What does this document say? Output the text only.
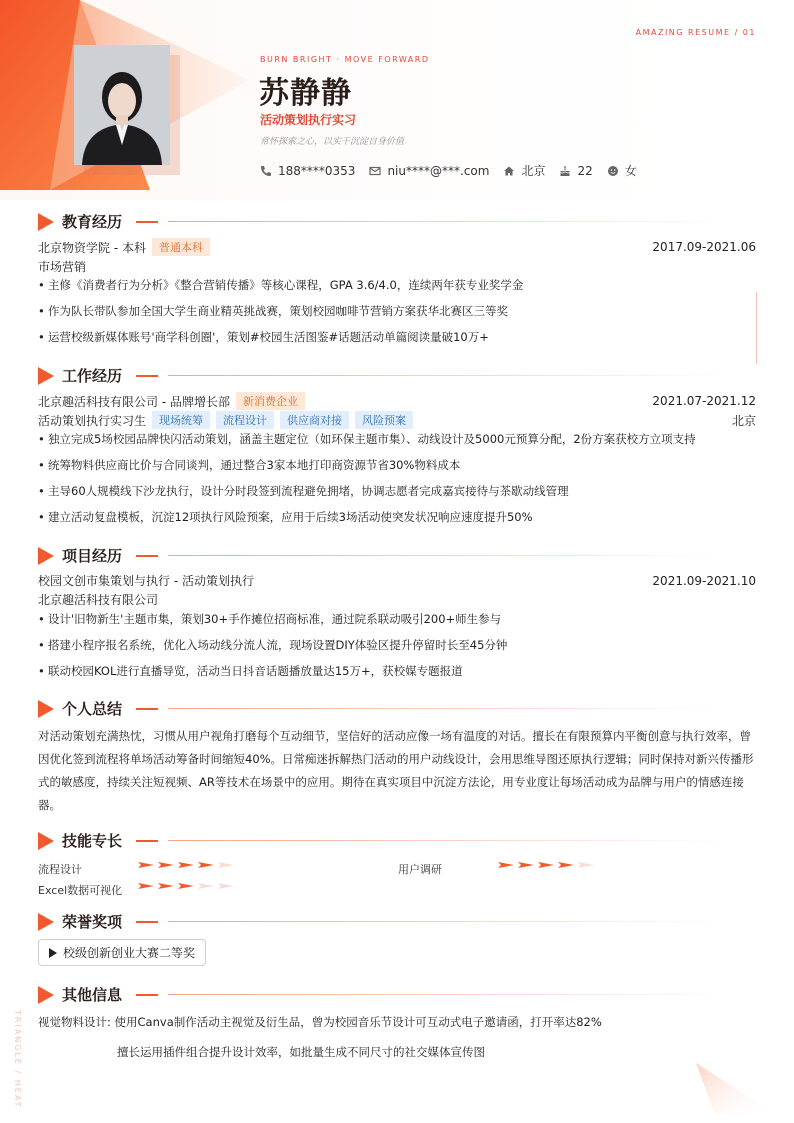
AMAZING RESUME / 01
TRIANGLE / HEAT
BURN BRIGHT · MOVE FORWARD
苏静静
活动策划执行实习
常怀探索之心，以实干沉淀自身价值
188****0353	niu****@***.com	北京	22	女
教育经历
北京物资学院 - 本科	普通本科	2017.09-2021.06
市场营销
• 主修《消费者行为分析》《整合营销传播》等核心课程，GPA 3.6/4.0，连续两年获专业奖学金
• 作为队长带队参加全国大学生商业精英挑战赛，策划校园咖啡节营销方案获华北赛区三等奖
• 运营校级新媒体账号'商学科创圈'，策划#校园生活图鉴#话题活动单篇阅读量破10万+
工作经历
北京趣活科技有限公司 - 品牌增长部	新消费企业	2021.07-2021.12
活动策划执行实习生	现场统筹	流程设计	供应商对接	风险预案	北京
• 独立完成5场校园品牌快闪活动策划，涵盖主题定位（如环保主题市集）、动线设计及5000元预算分配，2份方案获校方立项支持
• 统筹物料供应商比价与合同谈判，通过整合3家本地打印商资源节省30%物料成本
• 主导60人规模线下沙龙执行，设计分时段签到流程避免拥堵，协调志愿者完成嘉宾接待与茶歇动线管理
• 建立活动复盘模板，沉淀12项执行风险预案，应用于后续3场活动使突发状况响应速度提升50%
项目经历
校园文创市集策划与执行 - 活动策划执行	2021.09-2021.10
北京趣活科技有限公司
• 设计'旧物新生'主题市集，策划30+手作摊位招商标准，通过院系联动吸引200+师生参与
• 搭建小程序报名系统，优化入场动线分流人流，现场设置DIY体验区提升停留时长至45分钟
• 联动校园KOL进行直播导览，活动当日抖音话题播放量达15万+，获校媒专题报道
个人总结
对活动策划充满热忱，习惯从用户视角打磨每个互动细节，坚信好的活动应像一场有温度的对话。擅长在有限预算内平衡创意与执行效率，曾因优化签到流程将单场活动筹备时间缩短40%。日常痴迷拆解热门活动的用户动线设计，会用思维导图还原执行逻辑；同时保持对新兴传播形式的敏感度，持续关注短视频、AR等技术在场景中的应用。期待在真实项目中沉淀方法论，用专业度让每场活动成为品牌与用户的情感连接器。
技能专长
流程设计	用户调研
Excel数据可视化
荣誉奖项
校级创新创业大赛二等奖
其他信息
视觉物料设计: 使用Canva制作活动主视觉及衍生品，曾为校园音乐节设计可互动式电子邀请函，打开率达82%
擅长运用插件组合提升设计效率，如批量生成不同尺寸的社交媒体宣传图
